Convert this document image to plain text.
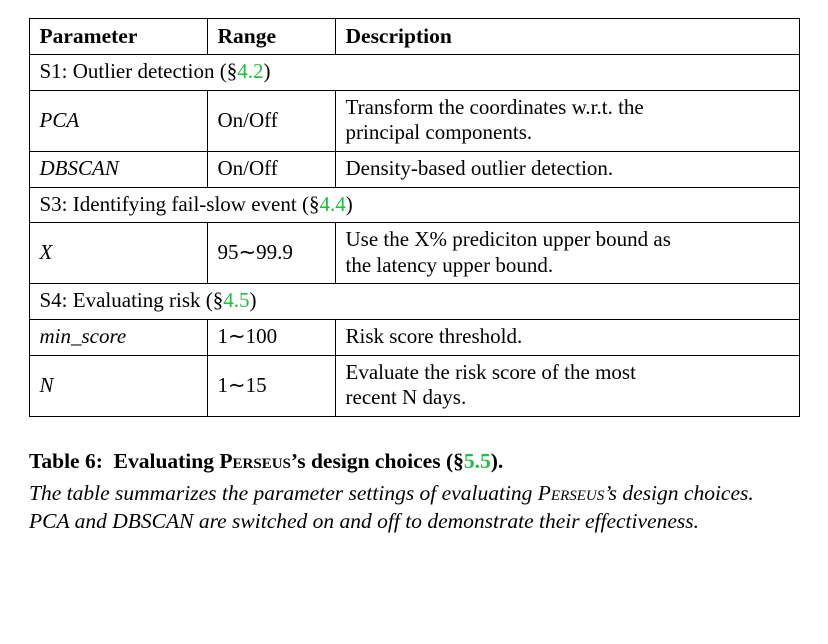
Parameter	Range	Description
S1: Outlier detection (§4.2)		
PCA	On/Off	Transform the coordinates w.r.t. the
principal components.
DBSCAN	On/Off	Density-based outlier detection.
S3: Identifying fail-slow event (§4.4)		
X	95∼99.9	Use the X% prediciton upper bound as
the latency upper bound.
S4: Evaluating risk (§4.5)		
min_score	1∼100	Risk score threshold.
N	1∼15	Evaluate the risk score of the most
recent N days.
Table 6: Evaluating Perseus’s design choices (§5.5).
The table summarizes the parameter settings of evaluating Perseus’s design choices. PCA and DBSCAN are switched on and off to demonstrate their effectiveness.
